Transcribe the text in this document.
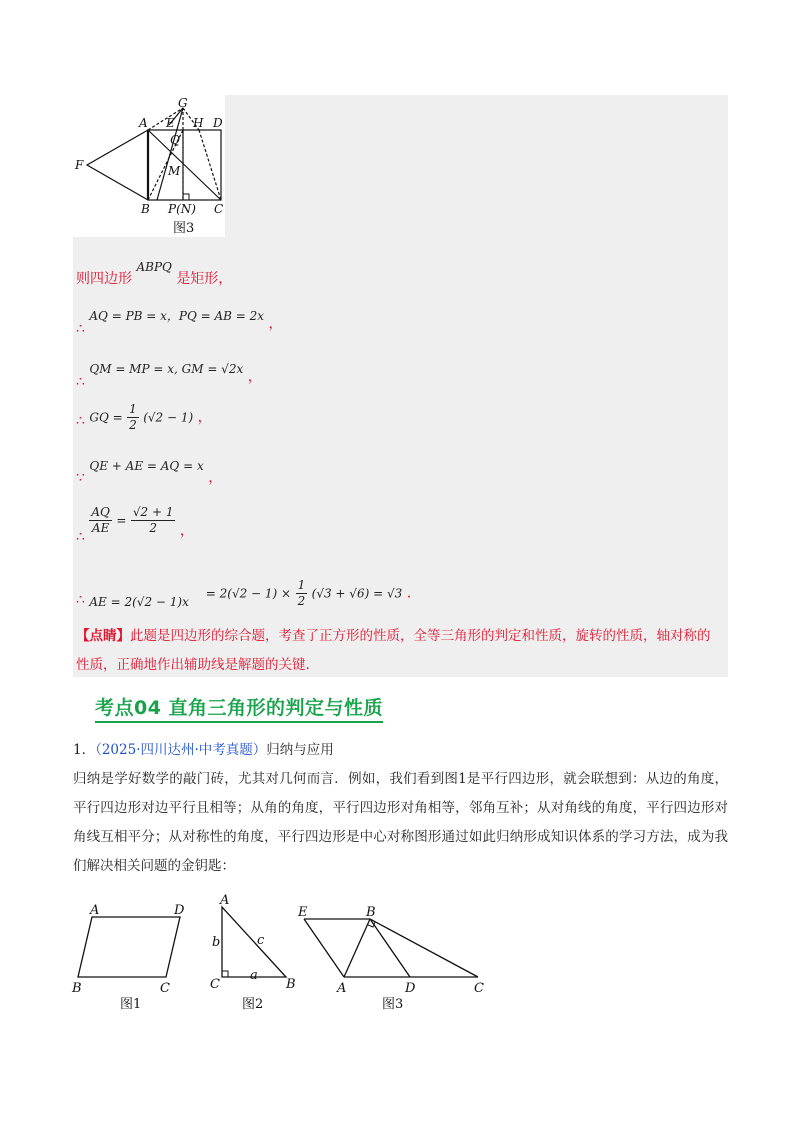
G
A E H D
Q
F	M
B P(N) C
图3
则四边形 ABPQ 是矩形，
∴ AQ = PB = x，PQ = AB = 2x ，
∴ QM = MP = x, GM = √2x ，
∴ GQ = $\frac{1}{2} (√2 - 1)$ ，
∵ QE + AE = AQ = x ，
∴
$\frac{AQ}{AE} = \frac{√2 + 1}{2}$ ，
∴ AE = $2(√2 - 1)x = 2(√2 - 1) \times \frac{1}{2} (√3 + √6) = √3$ .
【点睛】此题是四边形的综合题，考查了正方形的性质，全等三角形的判定和性质，旋转的性质，轴对称的性质，正确地作出辅助线是解题的关键.
考点04 直角三角形的判定与性质
1．（2025·四川达州·中考真题）归纳与应用
归纳是学好数学的敲门砖，尤其对几何而言．例如，我们看到图1是平行四边形，就会联想到：从边的角度，平行四边形对边平行且相等；从角的角度，平行四边形对角相等，邻角互补；从对角线的角度，平行四边形对角线互相平分；从对称性的角度，平行四边形是中心对称图形通过如此归纳形成知识体系的学习方法，成为我们解决相关问题的金钥匙：
A	D
B	C
图1
A
b	c
C
a
B
图2
E	B
A	D	C
图3
